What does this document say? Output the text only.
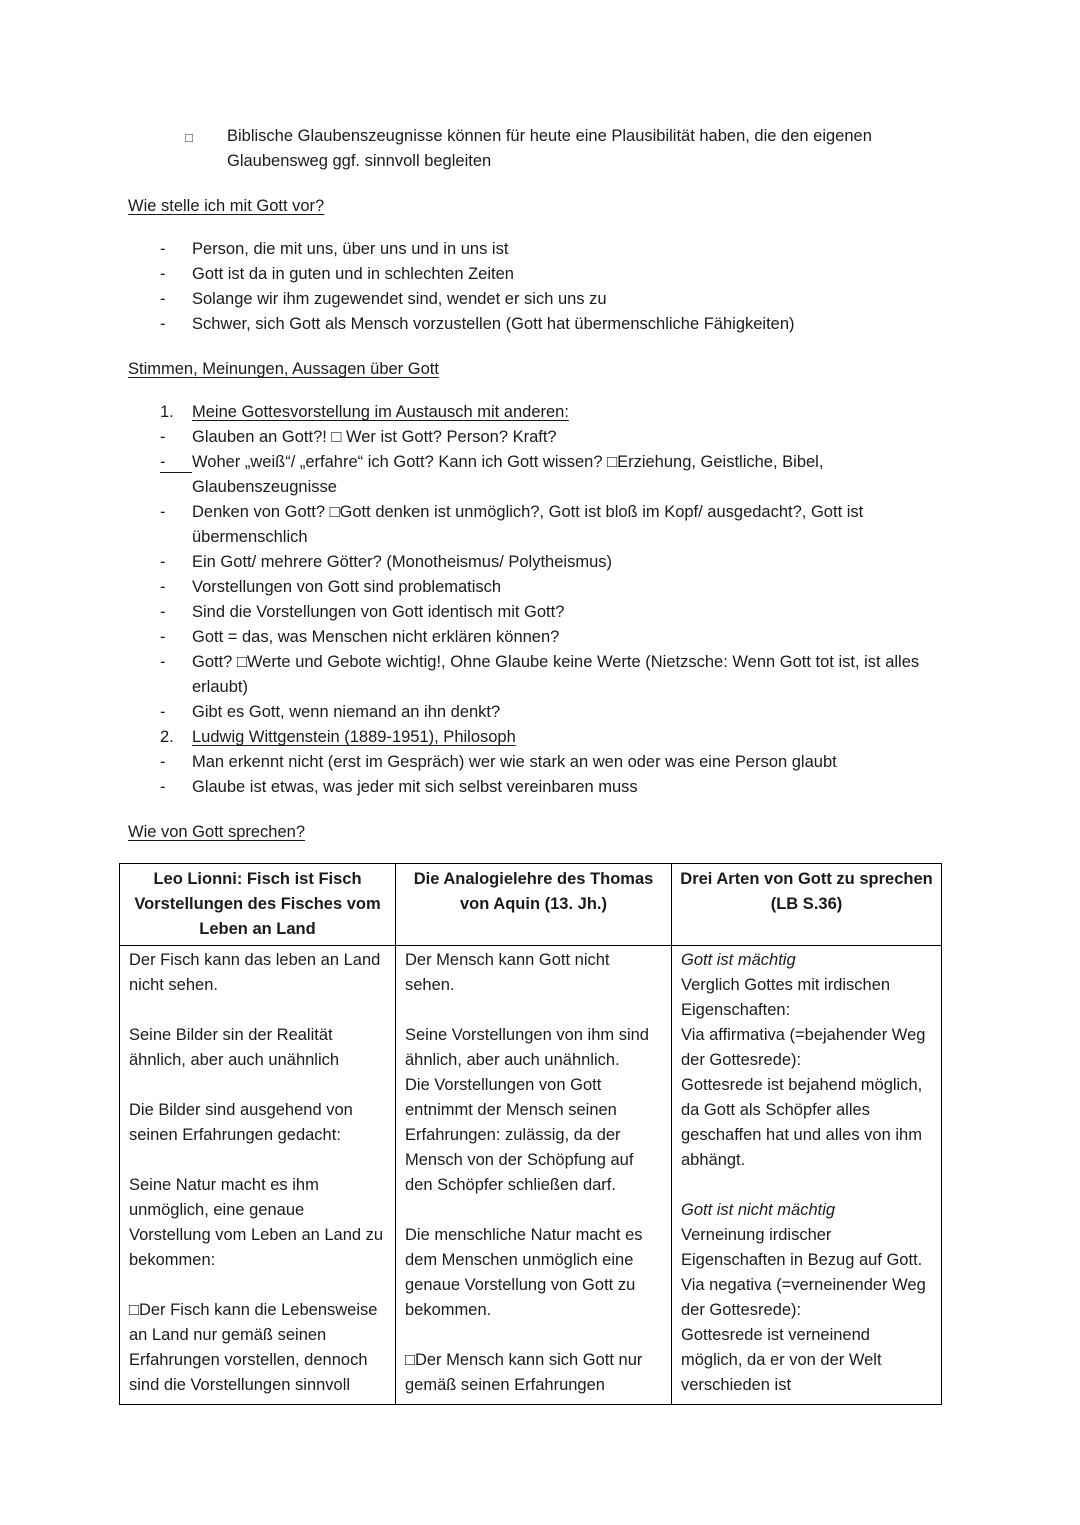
□	Biblische Glaubenszeugnisse können für heute eine Plausibilität haben, die den eigenen Glaubensweg ggf. sinnvoll begleiten
Wie stelle ich mit Gott vor?
-	Person, die mit uns, über uns und in uns ist
-	Gott ist da in guten und in schlechten Zeiten
-	Solange wir ihm zugewendet sind, wendet er sich uns zu
-	Schwer, sich Gott als Mensch vorzustellen (Gott hat übermenschliche Fähigkeiten)
Stimmen, Meinungen, Aussagen über Gott
1.	Meine Gottesvorstellung im Austausch mit anderen:
-	Glauben an Gott?! □ Wer ist Gott? Person? Kraft?
-	Woher „weiß“/ „erfahre“ ich Gott? Kann ich Gott wissen? □Erziehung, Geistliche, Bibel, Glaubenszeugnisse
-	Denken von Gott? □Gott denken ist unmöglich?, Gott ist bloß im Kopf/ ausgedacht?, Gott ist übermenschlich
-	Ein Gott/ mehrere Götter? (Monotheismus/ Polytheismus)
-	Vorstellungen von Gott sind problematisch
-	Sind die Vorstellungen von Gott identisch mit Gott?
-	Gott = das, was Menschen nicht erklären können?
-	Gott? □Werte und Gebote wichtig!, Ohne Glaube keine Werte (Nietzsche: Wenn Gott tot ist, ist alles erlaubt)
-	Gibt es Gott, wenn niemand an ihn denkt?
2.	Ludwig Wittgenstein (1889-1951), Philosoph
-	Man erkennt nicht (erst im Gespräch) wer wie stark an wen oder was eine Person glaubt
-	Glaube ist etwas, was jeder mit sich selbst vereinbaren muss
Wie von Gott sprechen?
Leo Lionni: Fisch ist Fisch Vorstellungen des Fisches vom Leben an Land	Die Analogielehre des Thomas von Aquin (13. Jh.)	Drei Arten von Gott zu sprechen (LB S.36)

Der Fisch kann das leben an Land nicht sehen.
Seine Bilder sin der Realität ähnlich, aber auch unähnlich
Die Bilder sind ausgehend von seinen Erfahrungen gedacht:
Seine Natur macht es ihm unmöglich, eine genaue Vorstellung vom Leben an Land zu bekommen:
□Der Fisch kann die Lebensweise an Land nur gemäß seinen Erfahrungen vorstellen, dennoch sind die Vorstellungen sinnvoll

Der Mensch kann Gott nicht sehen.
Seine Vorstellungen von ihm sind ähnlich, aber auch unähnlich.
Die Vorstellungen von Gott entnimmt der Mensch seinen Erfahrungen: zulässig, da der Mensch von der Schöpfung auf den Schöpfer schließen darf.
Die menschliche Natur macht es dem Menschen unmöglich eine genaue Vorstellung von Gott zu bekommen.
□Der Mensch kann sich Gott nur gemäß seinen Erfahrungen

Gott ist mächtig
Verglich Gottes mit irdischen Eigenschaften:
Via affirmativa (=bejahender Weg der Gottesrede):
Gottesrede ist bejahend möglich, da Gott als Schöpfer alles geschaffen hat und alles von ihm abhängt.
Gott ist nicht mächtig
Verneinung irdischer Eigenschaften in Bezug auf Gott.
Via negativa (=verneinender Weg der Gottesrede):
Gottesrede ist verneinend möglich, da er von der Welt verschieden ist
